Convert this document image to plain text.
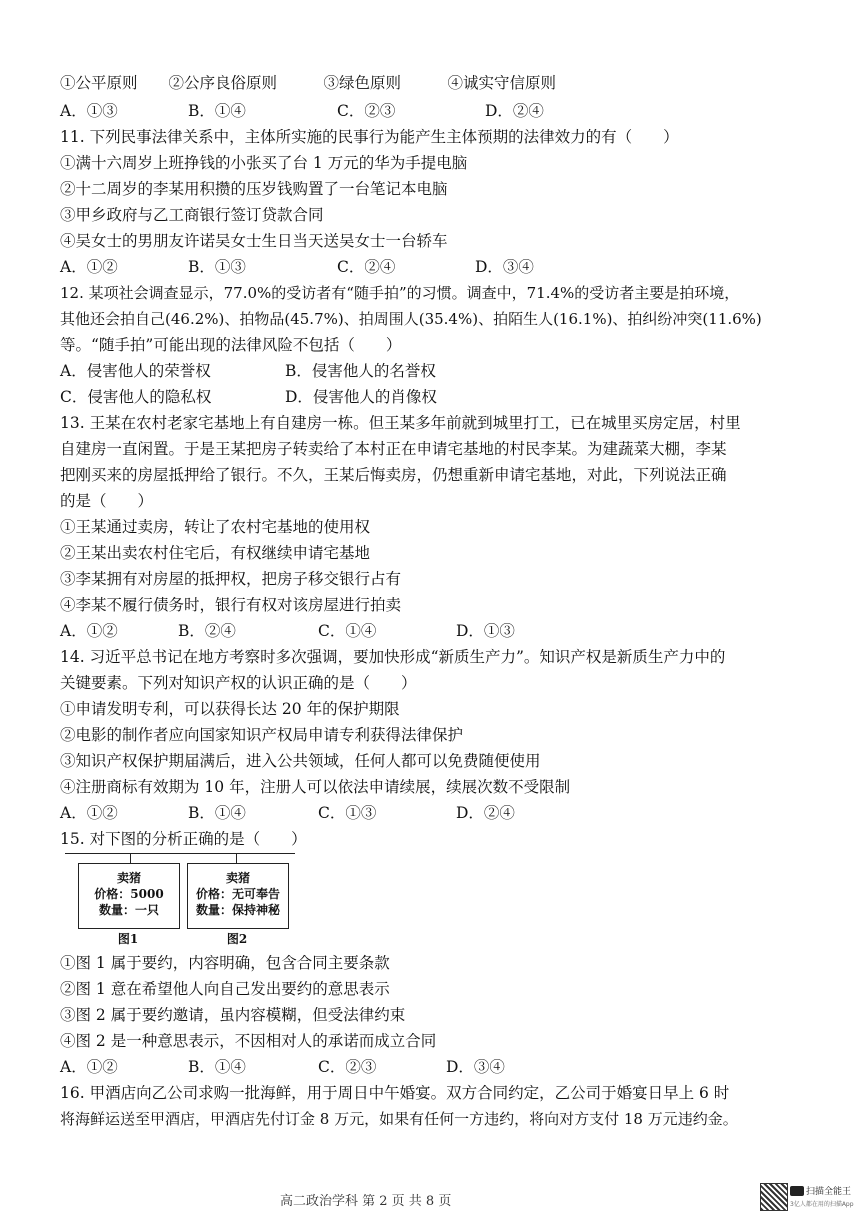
①公平原则　　②公序良俗原则　　　③绿色原则　　　④诚实守信原则
A．①③	B．①④	C．②③	D．②④
11. 下列民事法律关系中，主体所实施的民事行为能产生主体预期的法律效力的有（　　）
①满十六周岁上班挣钱的小张买了台 1 万元的华为手提电脑
②十二周岁的李某用积攒的压岁钱购置了一台笔记本电脑
③甲乡政府与乙工商银行签订贷款合同
④吴女士的男朋友许诺吴女士生日当天送吴女士一台轿车
A．①②	B．①③	C．②④	D．③④
12. 某项社会调查显示，77.0%的受访者有“随手拍”的习惯。调查中，71.4%的受访者主要是拍环境，
其他还会拍自己(46.2%)、拍物品(45.7%)、拍周围人(35.4%)、拍陌生人(16.1%)、拍纠纷冲突(11.6%)
等。“随手拍”可能出现的法律风险不包括（　　）
A．侵害他人的荣誉权	B．侵害他人的名誉权
C．侵害他人的隐私权	D．侵害他人的肖像权
13. 王某在农村老家宅基地上有自建房一栋。但王某多年前就到城里打工，已在城里买房定居，村里
自建房一直闲置。于是王某把房子转卖给了本村正在申请宅基地的村民李某。为建蔬菜大棚，李某
把刚买来的房屋抵押给了银行。不久，王某后悔卖房，仍想重新申请宅基地，对此，下列说法正确
的是（　　）
①王某通过卖房，转让了农村宅基地的使用权
②王某出卖农村住宅后，有权继续申请宅基地
③李某拥有对房屋的抵押权，把房子移交银行占有
④李某不履行债务时，银行有权对该房屋进行拍卖
A．①②	B．②④	C．①④	D．①③
14. 习近平总书记在地方考察时多次强调，要加快形成“新质生产力”。知识产权是新质生产力中的
关键要素。下列对知识产权的认识正确的是（　　）
①申请发明专利，可以获得长达 20 年的保护期限
②电影的制作者应向国家知识产权局申请专利获得法律保护
③知识产权保护期届满后，进入公共领域，任何人都可以免费随便使用
④注册商标有效期为 10 年，注册人可以依法申请续展，续展次数不受限制
A．①②	B．①④	C．①③	D．②④
15. 对下图的分析正确的是（　　）
卖猪
价格：5000
数量：一只
卖猪
价格：无可奉告
数量：保持神秘
图1	图2
①图 1 属于要约，内容明确，包含合同主要条款
②图 1 意在希望他人向自己发出要约的意思表示
③图 2 属于要约邀请，虽内容模糊，但受法律约束
④图 2 是一种意思表示，不因相对人的承诺而成立合同
A．①②	B．①④	C．②③	D．③④
16. 甲酒店向乙公司求购一批海鲜，用于周日中午婚宴。双方合同约定，乙公司于婚宴日早上 6 时
将海鲜运送至甲酒店，甲酒店先付订金 8 万元，如果有任何一方违约，将向对方支付 18 万元违约金。
高二政治学科 第 2 页 共 8 页
扫描全能王
3亿人都在用的扫描App
